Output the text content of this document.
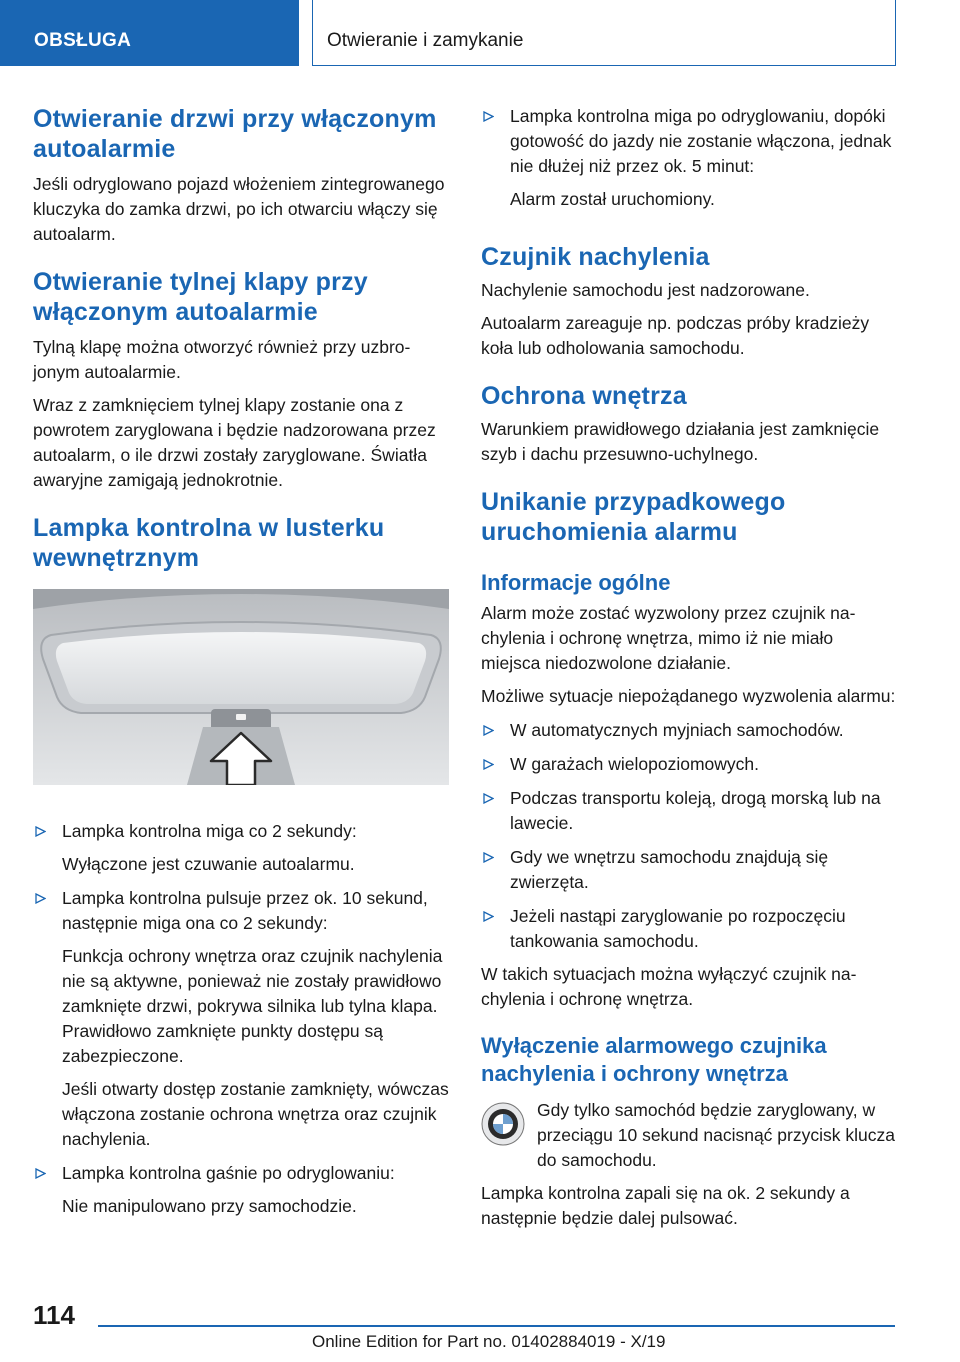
OBSŁUGA	Otwieranie i zamykanie
Otwieranie drzwi przy włączonym autoalarmie

Jeśli odryglowano pojazd włożeniem zintegrowanego kluczyka do zamka drzwi, po ich otwarciu włączy się autoalarm.

Otwieranie tylnej klapy przy włączonym autoalarmie

Tylną klapę można otworzyć również przy uzbrojonym autoalarmie.

Wraz z zamknięciem tylnej klapy zostanie ona z powrotem zaryglowana i będzie nadzorowana przez autoalarm, o ile drzwi zostały zaryglowane. Światła awaryjne zamigają jednokrotnie.

Lampka kontrolna w lusterku wewnętrznym
Lampka kontrolna miga co 2 sekundy:
Wyłączone jest czuwanie autoalarmu.
Lampka kontrolna pulsuje przez ok. 10 sekund, następnie miga ona co 2 sekundy:
Funkcja ochrony wnętrza oraz czujnik nachylenia nie są aktywne, ponieważ nie zostały prawidłowo zamknięte drzwi, pokrywa silnika lub tylna klapa. Prawidłowo zamknięte punkty dostępu są zabezpieczone.
Jeśli otwarty dostęp zostanie zamknięty, wówczas włączona zostanie ochrona wnętrza oraz czujnik nachylenia.
Lampka kontrolna gaśnie po odryglowaniu:
Nie manipulowano przy samochodzie.
Lampka kontrolna miga po odryglowaniu, dopóki gotowość do jazdy nie zostanie włączona, jednak nie dłużej niż przez ok. 5 minut:
Alarm został uruchomiony.
Czujnik nachylenia

Nachylenie samochodu jest nadzorowane.

Autoalarm zareaguje np. podczas próby kradzieży koła lub odholowania samochodu.

Ochrona wnętrza

Warunkiem prawidłowego działania jest zamknięcie szyb i dachu przesuwno-uchylnego.

Unikanie przypadkowego uruchomienia alarmu
Informacje ogólne

Alarm może zostać wyzwolony przez czujnik nachylenia i ochronę wnętrza, mimo iż nie miało miejsca niedozwolone działanie.

Możliwe sytuacje niepożądanego wyzwolenia alarmu:

W automatycznych myjniach samochodów.
W garażach wielopoziomowych.
Podczas transportu koleją, drogą morską lub na lawecie.
Gdy we wnętrzu samochodu znajdują się zwierzęta.
Jeżeli nastąpi zaryglowanie po rozpoczęciu tankowania samochodu.

W takich sytuacjach można wyłączyć czujnik nachylenia i ochronę wnętrza.

Wyłączenie alarmowego czujnika nachylenia i ochrony wnętrza

Gdy tylko samochód będzie zaryglowany, w przeciągu 10 sekund nacisnąć przycisk klucza do samochodu.

Lampka kontrolna zapali się na ok. 2 sekundy a następnie będzie dalej pulsować.

114
Online Edition for Part no. 01402884019 - X/19
